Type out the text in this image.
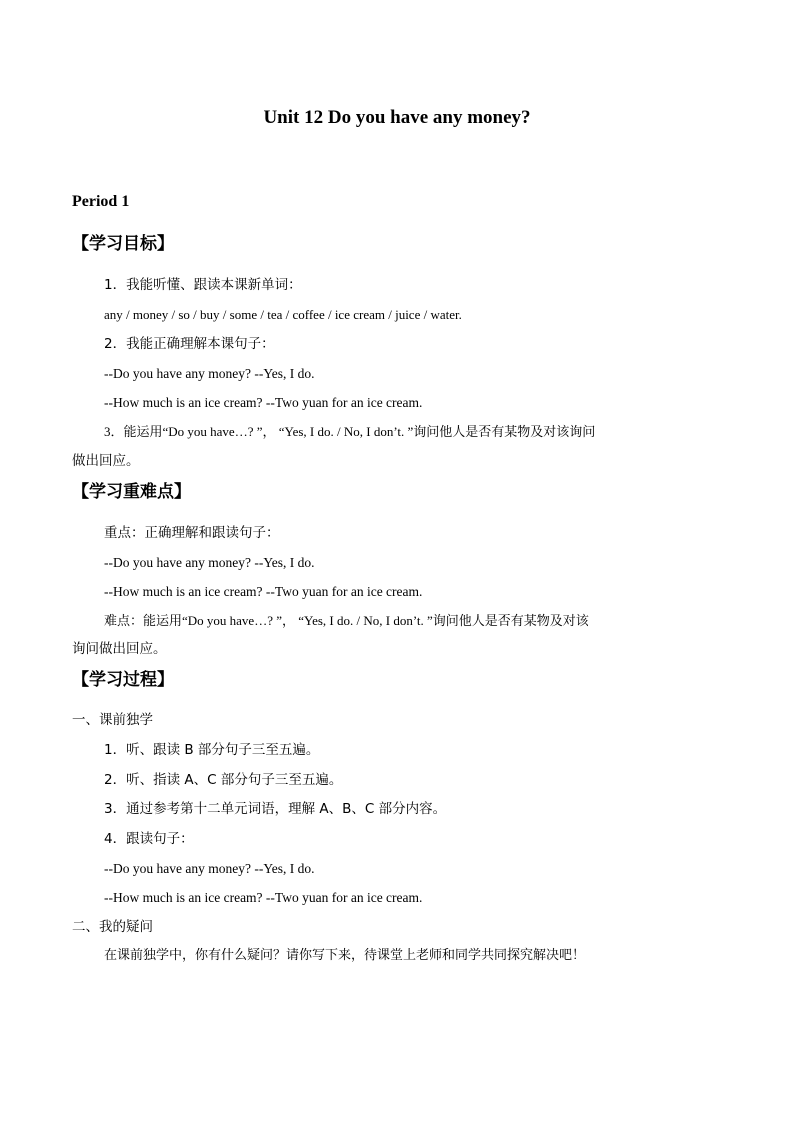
Unit 12 Do you have any money?
Period 1
【学习目标】
1．我能听懂、跟读本课新单词：
any / money / so / buy / some / tea / coffee / ice cream / juice / water.
2．我能正确理解本课句子：
--Do you have any money? --Yes, I do.
--How much is an ice cream? --Two yuan for an ice cream.
3．能运用“Do you have…? ”， “Yes, I do. / No, I don’t. ”询问他人是否有某物及对该询问
做出回应。
【学习重难点】
重点：正确理解和跟读句子：
--Do you have any money? --Yes, I do.
--How much is an ice cream? --Two yuan for an ice cream.
难点：能运用“Do you have…? ”， “Yes, I do. / No, I don’t. ”询问他人是否有某物及对该
询问做出回应。
【学习过程】
一、课前独学
1．听、跟读 B 部分句子三至五遍。
2．听、指读 A、C 部分句子三至五遍。
3．通过参考第十二单元词语，理解 A、B、C 部分内容。
4．跟读句子：
--Do you have any money? --Yes, I do.
--How much is an ice cream? --Two yuan for an ice cream.
二、我的疑问
在课前独学中，你有什么疑问？请你写下来，待课堂上老师和同学共同探究解决吧！
